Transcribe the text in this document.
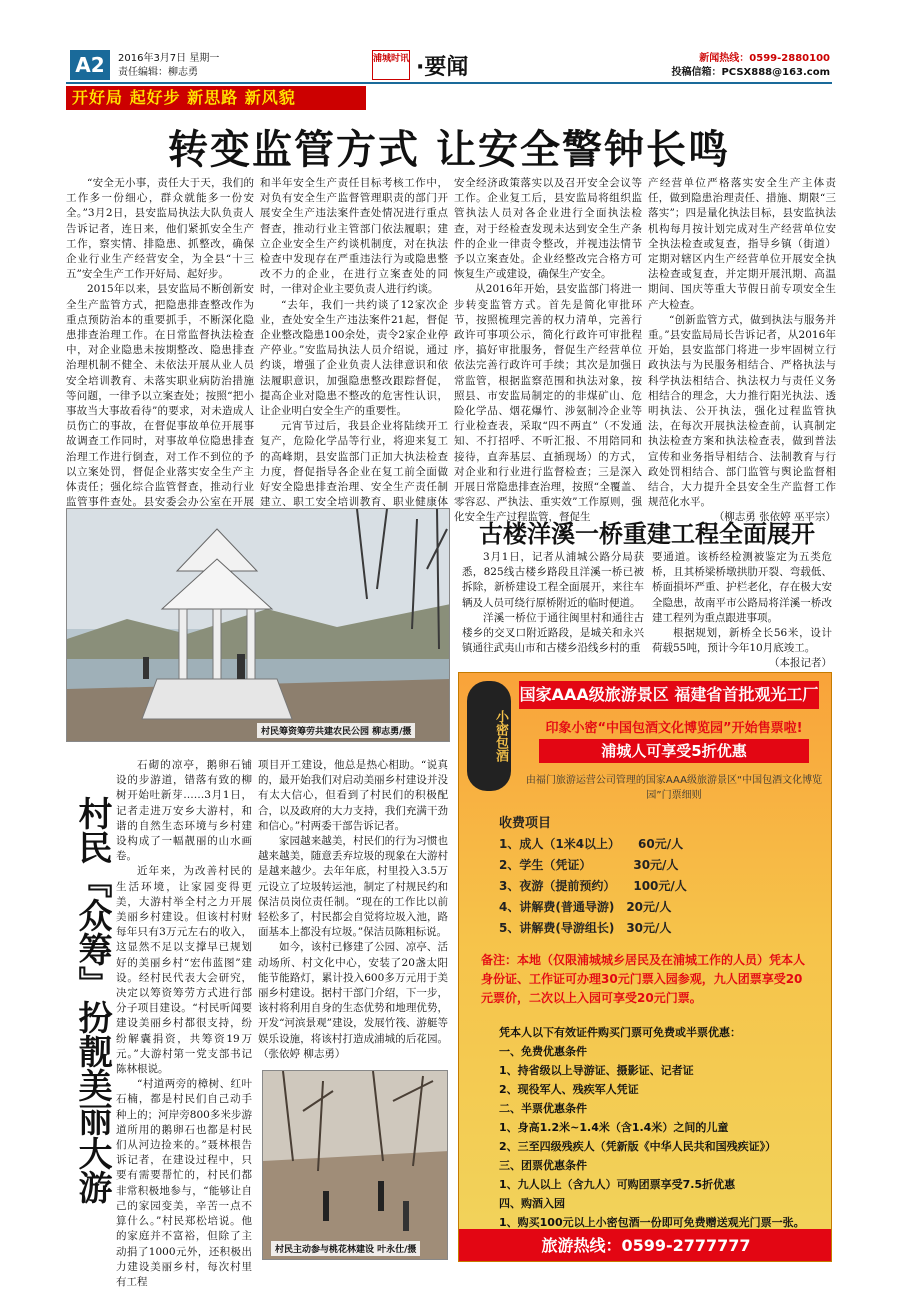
A2	2016年3月7日 星期一
责任编辑：柳志勇
浦城时讯 ·要闻	新闻热线：0599-2880100
投稿信箱：PCSX888@163.com
开好局 起好步 新思路 新风貌
转变监管方式 让安全警钟长鸣

“安全无小事，责任大于天，我们的工作多一份细心，群众就能多一份安全。”3月2日，县安监局执法大队负责人告诉记者，连日来，他们紧抓安全生产工作，察实情、排隐患、抓整改，确保企业行业生产经营安全，为全县“十三五”安全生产工作开好局、起好步。

2015年以来，县安监局不断创新安全生产监管方式，把隐患排查整改作为重点预防治本的重要抓手，不断深化隐患排查治理工作。在日常监督执法检查中，对企业隐患未按期整改、隐患排查治理机制不健全、未依法开展从业人员安全培训教育、未落实职业病防治措施等问题，一律予以立案查处；按照“把小事故当大事故看待”的要求，对未造成人员伤亡的事故，在督促事故单位开展事故调查工作同时，对事故单位隐患排查治理工作进行倒查，对工作不到位的予以立案处罚，督促企业落实安全生产主体责任；强化综合监管督查，推动行业监管事件查处。县安委会办公室在开展

和半年安全生产责任目标考核工作中，对负有安全生产监督管理职责的部门开展安全生产违法案件查处情况进行重点督查，推动行业主管部门依法履职；建立企业安全生产约谈机制度，对在执法检查中发现存在严重违法行为或隐患整改不力的企业，在进行立案查处的同时，一律对企业主要负责人进行约谈。

“去年，我们一共约谈了12家次企业，查处安全生产违法案件21起，督促企业整改隐患100余处，责令2家企业停产停业。”安监局执法人员介绍说，通过约谈，增强了企业负责人法律意识和依法履职意识，加强隐患整改跟踪督促，提高企业对隐患不整改的危害性认识，让企业明白安全生产的重要性。

元宵节过后，我县企业将陆续开工复产，危险化学品等行业，将迎来复工的高峰期，县安监部门正加大执法检查力度，督促指导各企业在复工前全面做好安全隐患排查治理、安全生产责任制建立、职工安全培训教育、职业健康体

安全经济政策落实以及召开安全会议等工作。企业复工后，县安监局将组织监管执法人员对各企业进行全面执法检查，对于经检查发现未达到安全生产条件的企业一律责令整改，并视违法情节予以立案查处。企业经整改完合格方可恢复生产或建设，确保生产安全。

从2016年开始，县安监部门将进一步转变监管方式。首先是简化审批环节，按照梳理完善的权力清单，完善行政许可事项公示，简化行政许可审批程序，搞好审批服务，督促生产经营单位依法完善行政许可手续；其次是加强日常监管，根据监察范围和执法对象，按照县、市安监局制定的的非煤矿山、危险化学品、烟花爆竹、涉氨制冷企业等行业检查表，采取“四不两直”（不发通知、不打招呼、不听汇报、不用陪同和接待，直奔基层、直插现场）的方式，对企业和行业进行监督检查；三是深入开展日常隐患排查治理，按照“全覆盖、零容忍、严执法、重实效”工作原则，强化安全生产过程监管，督促生

产经营单位严格落实安全生产主体责任，做到隐患治理责任、措施、期限“三落实”；四是量化执法目标，县安监执法机构每月按计划完成对生产经营单位安全执法检查或复查，指导乡镇（街道）定期对辖区内生产经营单位开展安全执法检查或复查，并定期开展汛期、高温期间、国庆等重大节假日前专项安全生产大检查。

“创新监管方式，做到执法与服务并重。”县安监局局长告诉记者，从2016年开始，县安监部门将进一步牢固树立行政执法与为民服务相结合、严格执法与科学执法相结合、执法权力与责任义务相结合的理念，大力推行阳光执法、透明执法、公开执法，强化过程监管执法，在每次开展执法检查前，认真制定执法检查方案和执法检查表，做到普法宣传和业务指导相结合、法制教育与行政处罚相结合、部门监管与舆论监督相结合，大力提升全县安全生产监督工作规范化水平。

（柳志勇 张依婷 巫平宗）

村民筹资筹劳共建农民公园 柳志勇/摄
古楼洋溪一桥重建工程全面展开

3月1日，记者从浦城公路分局获悉，825线古楼乡路段且洋溪一桥已被拆除，新桥建设工程全面展开，来往车辆及人员可绕行原桥附近的临时便道。

洋溪一桥位于通往闽里村和通往古楼乡的交叉口附近路段，是城关和永兴镇通往武夷山市和古楼乡沿线乡村的重

要通道。该桥经检测被鉴定为五类危桥，且其桥梁桥墩拱肋开裂、弯载低、桥面損坏严重、护栏老化，存在极大安全隐患，故南平市公路局将洋溪一桥改建工程列为重点跟进事项。

根据规划，新桥全长56米，设计荷载55吨，预计今年10月底竣工。

（本报记者）

村民『众筹』扮靓美丽大游

石砌的凉亭，鹅卵石铺设的步游道，错落有致的柳树开始吐新芽……3月1日，记者走进万安乡大游村，和谐的自然生态环境与乡村建设构成了一幅靓丽的山水画卷。

近年来，为改善村民的生活环境，让家园变得更美，大游村举全村之力开展美丽乡村建设。但该村村财每年只有3万元左右的收入，这显然不足以支撑早已规划好的美丽乡村“宏伟蓝图”建设。经村民代表大会研究，决定以筹资筹劳方式进行部分子项目建设。“村民听闻要建设美丽乡村都很支持，纷纷解囊捐资，共筹资19万元。”大游村第一党支部书记陈林根说。

“村道两旁的樟树、红叶石楠，都是村民们自己动手种上的；河岸旁800多米步游道所用的鹅卵石也都是村民们从河边捡来的。”聂林根告诉记者，在建设过程中，只要有需要帮忙的，村民们都非常积极地参与，“能够让自己的家园变美，辛苦一点不算什么。”村民郑松培说。他的家庭并不富裕，但除了主动捐了1000元外，还积极出力建设美丽乡村，每次村里有工程

项目开工建设，他总是热心相助。“说真的，最开始我们对启动美丽乡村建设并没有太大信心，但看到了村民们的积极配合，以及政府的大力支持，我们充满干劲和信心。”村两委干部告诉记者。

家园越来越美，村民们的行为习惯也越来越美，随意丢弃垃圾的现象在大游村是越来越少。去年年底，村里投入3.5万元设立了垃圾转运池，制定了村规民约和保洁员岗位责任制。“现在的工作比以前轻松多了，村民都会自觉将垃圾入池，路面基本上都没有垃圾。”保洁员陈粗标说。

如今，该村已修建了公园、凉亭、活动场所、村文化中心，安装了20盏太阳能节能路灯，累计投入600多万元用于美丽乡村建设。据村干部门介绍，下一步，该村将利用自身的生态优势和地理优势，开发“河滨景观”建设，发展竹筏、游艇等娱乐设施，将该村打造成浦城的后花园。（张依婷 柳志勇）

村民主动参与桃花林建设 叶永仕/摄
小密包酒
国家AAA级旅游景区 福建省首批观光工厂
印象小密“中国包酒文化博览园”开始售票啦!
浦城人可享受5折优惠
由福门旅游运营公司管理的国家AAA级旅游景区“中国包酒文化博览园”门票细则
收费项目
1、成人（1米4以上）　　60元/人
2、学生（凭证）　　　　30元/人
3、夜游（提前预约）　　100元/人
4、讲解费(普通导游)　20元/人
5、讲解费(导游组长)　30元/人
备注：本地（仅限浦城城乡居民及在浦城工作的人员）凭本人身份证、工作证可办理30元门票入园参观，九人团票享受20元票价，二次以上入园可享受20元门票。
凭本人以下有效证件购买门票可免费或半票优惠：
一、免费优惠条件
1、持省级以上导游证、摄影证、记者证
2、现役军人、残疾军人凭证
二、半票优惠条件
1、身高1.2米~1.4米（含1.4米）之间的儿童
2、三至四级残疾人（凭新版《中华人民共和国残疾证》）
三、团票优惠条件
1、九人以上（含九人）可购团票享受7.5折优惠
四、购酒入园
1、购买100元以上小密包酒一份即可免费赠送观光门票一张。
旅游热线：0599-2777777
